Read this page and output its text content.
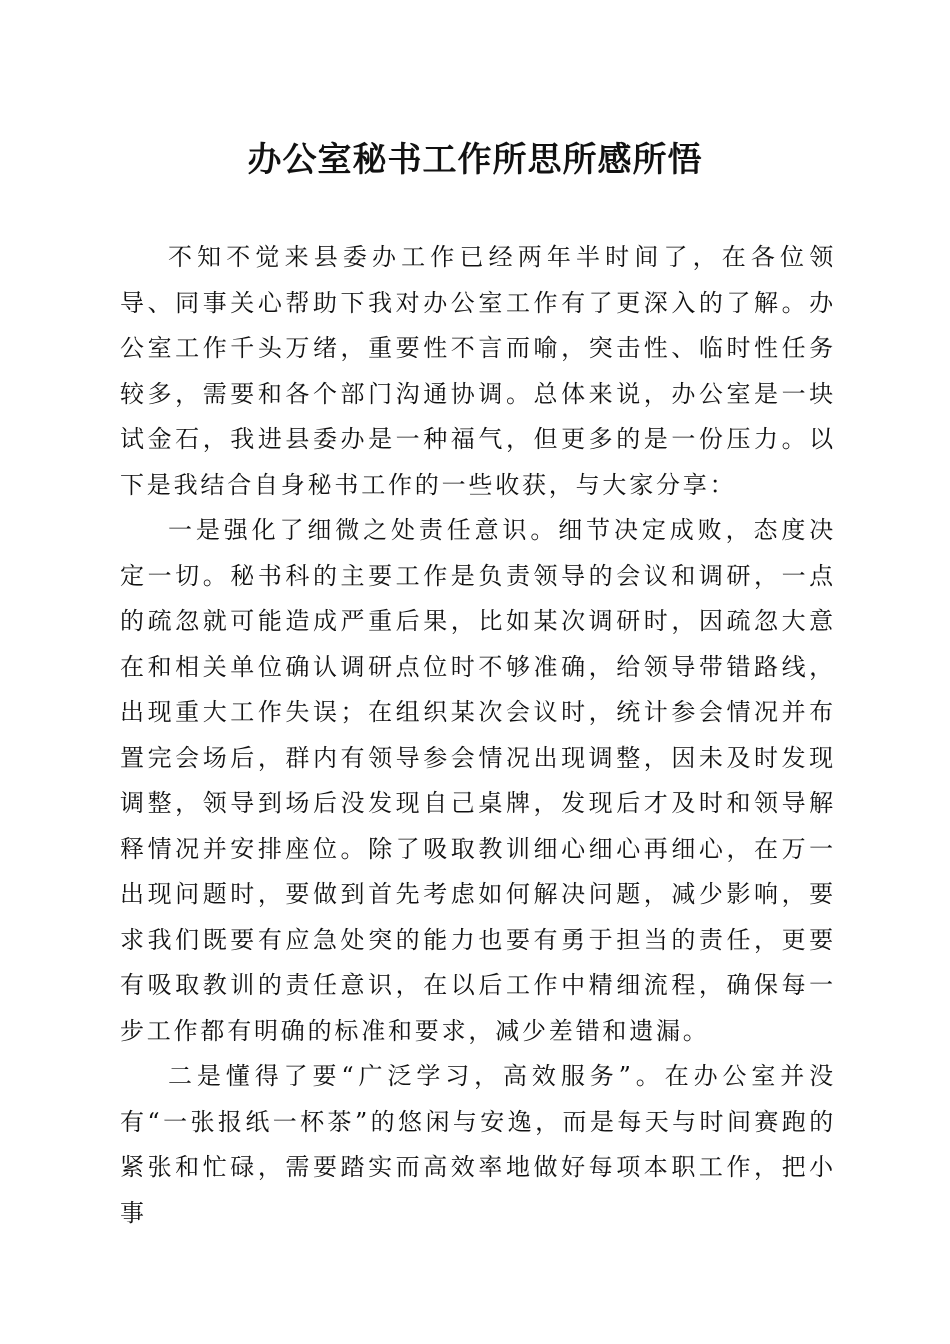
办公室秘书工作所思所感所悟

不知不觉来县委办工作已经两年半时间了，在各位领导、同事关心帮助下我对办公室工作有了更深入的了解。办公室工作千头万绪，重要性不言而喻，突击性、临时性任务较多，需要和各个部门沟通协调。总体来说，办公室是一块试金石，我进县委办是一种福气，但更多的是一份压力。以下是我结合自身秘书工作的一些收获，与大家分享：

一是强化了细微之处责任意识。细节决定成败，态度决定一切。秘书科的主要工作是负责领导的会议和调研，一点的疏忽就可能造成严重后果，比如某次调研时，因疏忽大意在和相关单位确认调研点位时不够准确，给领导带错路线，出现重大工作失误；在组织某次会议时，统计参会情况并布置完会场后，群内有领导参会情况出现调整，因未及时发现调整，领导到场后没发现自己桌牌，发现后才及时和领导解释情况并安排座位。除了吸取教训细心细心再细心，在万一出现问题时，要做到首先考虑如何解决问题，减少影响，要求我们既要有应急处突的能力也要有勇于担当的责任，更要有吸取教训的责任意识，在以后工作中精细流程，确保每一步工作都有明确的标准和要求，减少差错和遗漏。

二是懂得了要“广泛学习，高效服务”。在办公室并没有“一张报纸一杯茶”的悠闲与安逸，而是每天与时间赛跑的紧张和忙碌，需要踏实而高效率地做好每项本职工作，把小事
